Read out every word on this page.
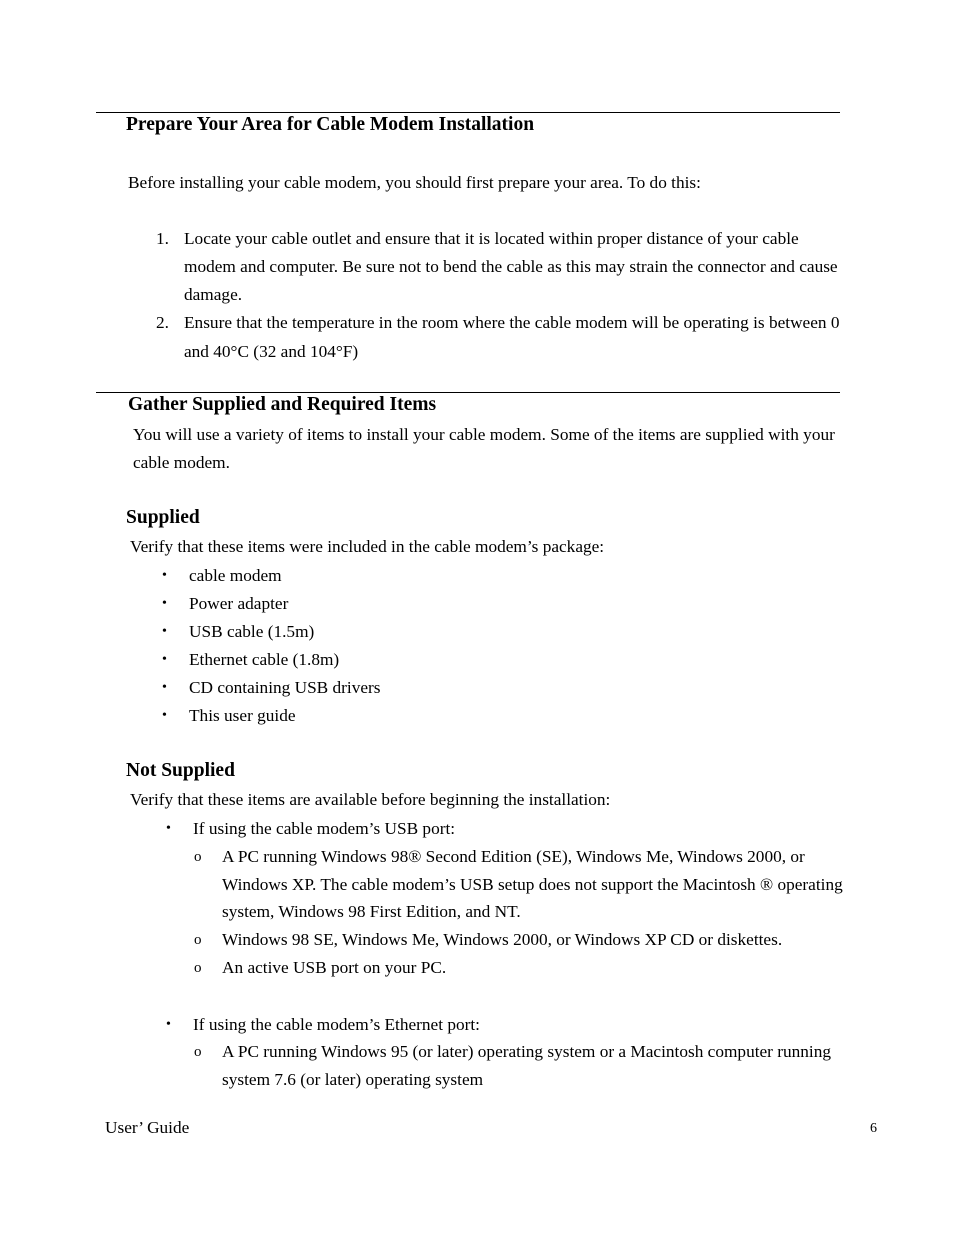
Prepare Your Area for Cable Modem Installation

Before installing your cable modem, you should first prepare your area. To do this:

1. Locate your cable outlet and ensure that it is located within proper distance of your cable

modem and computer. Be sure not to bend the cable as this may strain the connector and cause

damage.

2. Ensure that the temperature in the room where the cable modem will be operating is between 0

and 40°C (32 and 104°F)

Gather Supplied and Required Items

You will use a variety of items to install your cable modem. Some of the items are supplied with your

cable modem.

Supplied

Verify that these items were included in the cable modem’s package:

• cable modem

• Power adapter

• USB cable (1.5m)

• Ethernet cable (1.8m)

• CD containing USB drivers

• This user guide

Not Supplied

Verify that these items are available before beginning the installation:

• If using the cable modem’s USB port:

o A PC running Windows 98® Second Edition (SE), Windows Me, Windows 2000, or

Windows XP. The cable modem’s USB setup does not support the Macintosh ® operating

system, Windows 98 First Edition, and NT.

o Windows 98 SE, Windows Me, Windows 2000, or Windows XP CD or diskettes.

o An active USB port on your PC.

• If using the cable modem’s Ethernet port:

o A PC running Windows 95 (or later) operating system or a Macintosh computer running

system 7.6 (or later) operating system

User’ Guide	6
